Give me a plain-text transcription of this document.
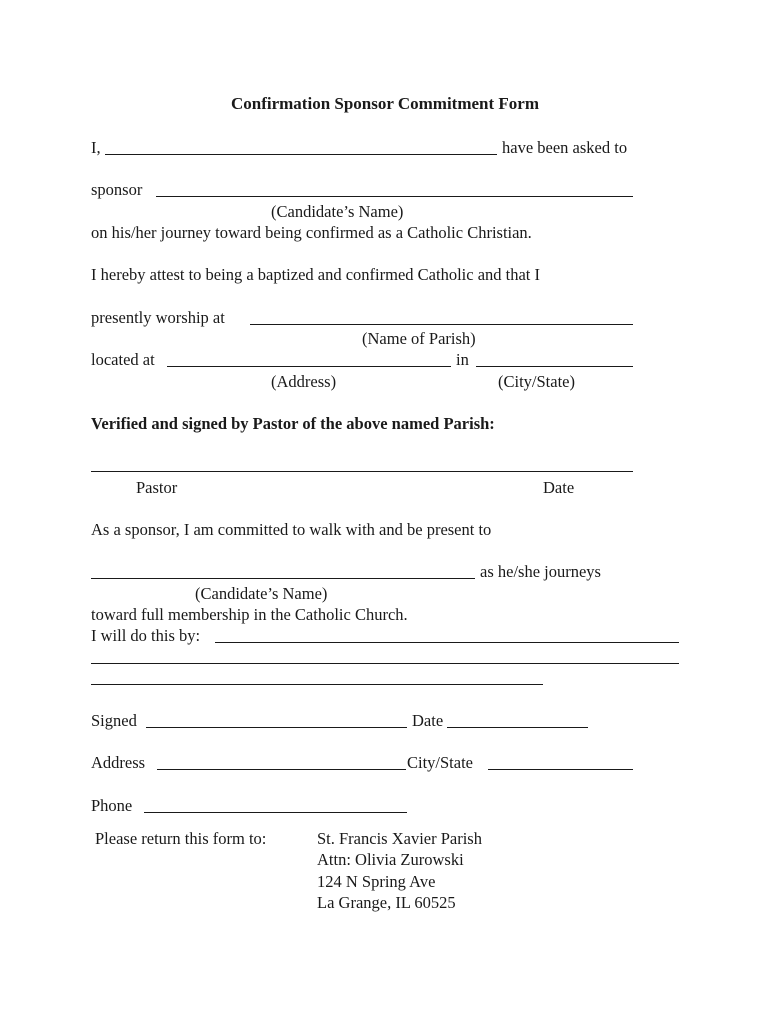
Confirmation Sponsor Commitment Form
I,	have been asked to
sponsor
(Candidate’s Name)
on his/her journey toward being confirmed as a Catholic Christian.
I hereby attest to being a baptized and confirmed Catholic and that I
presently worship at
(Name of Parish)
located at	in
(Address)	(City/State)
Verified and signed by Pastor of the above named Parish:
Pastor	Date
As a sponsor, I am committed to walk with and be present to
as he/she journeys
(Candidate’s Name)
toward full membership in the Catholic Church.
I will do this by:
Signed	Date
Address	City/State
Phone
Please return this form to:	St. Francis Xavier Parish
Attn: Olivia Zurowski
124 N Spring Ave
La Grange, IL 60525
